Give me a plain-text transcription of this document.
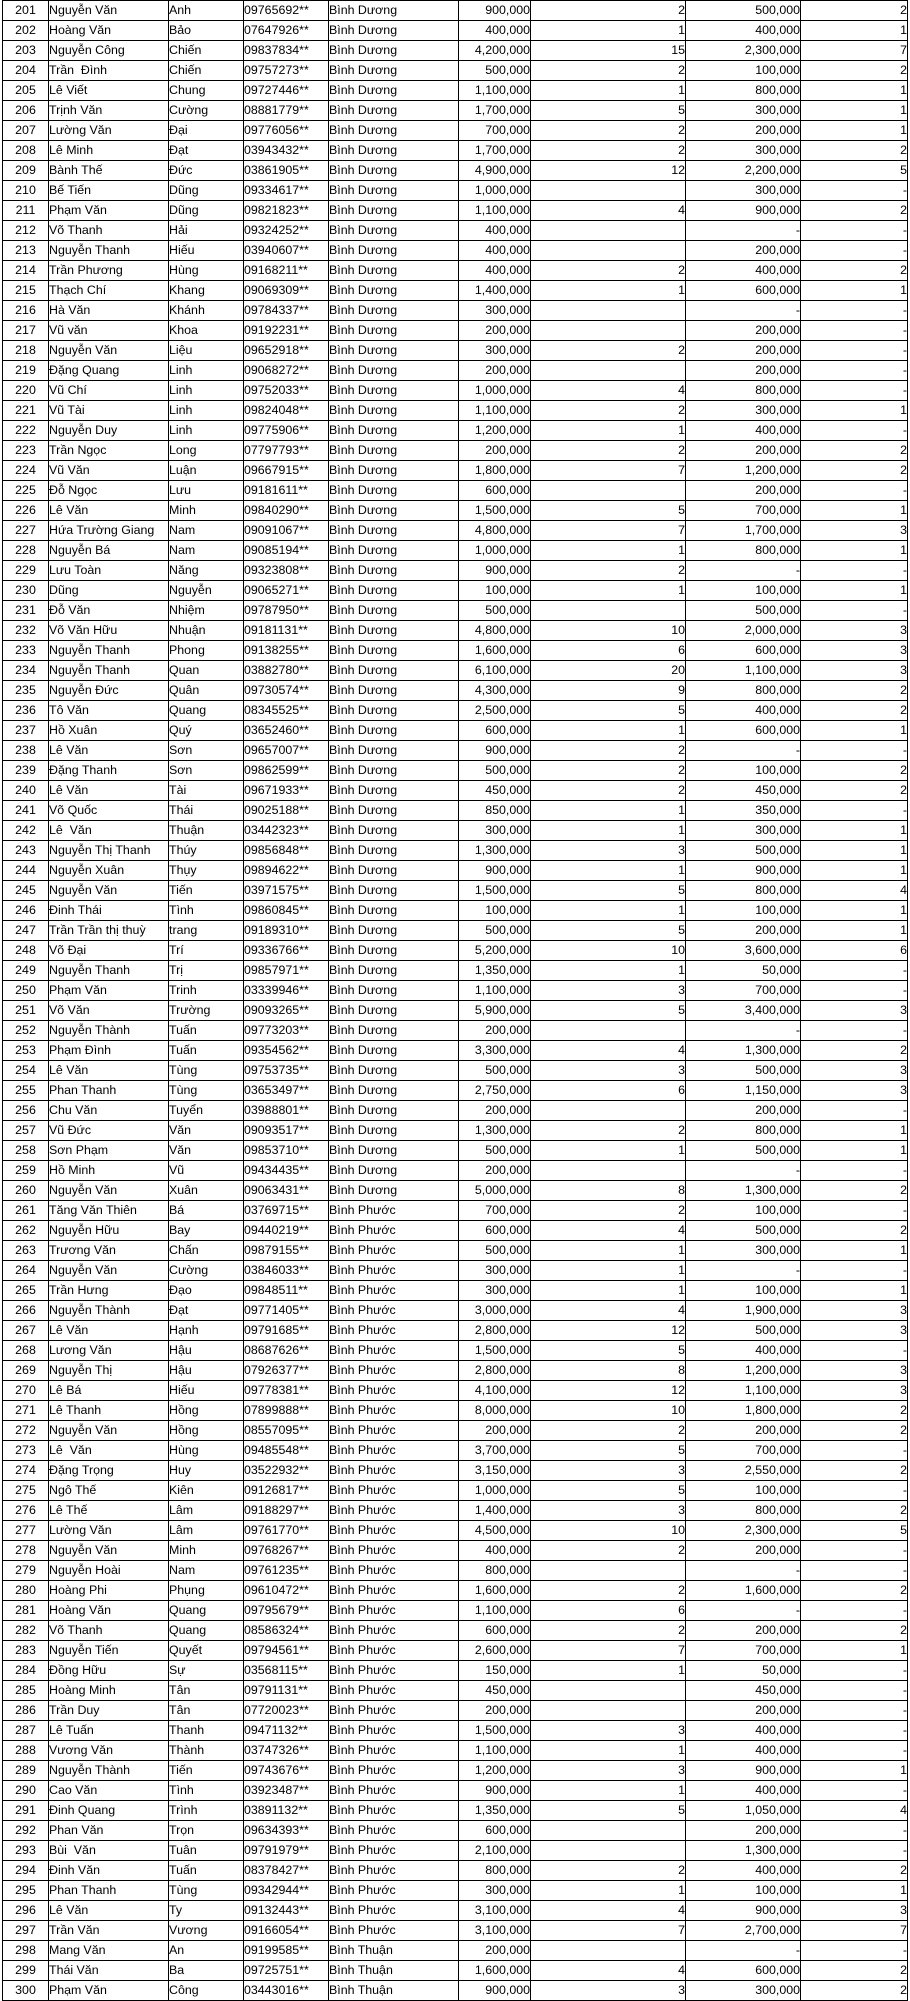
201	Nguyễn Văn	Anh	09765692**	Bình Dương	900,000	2	500,000	2
202	Hoàng Văn	Bảo	07647926**	Bình Dương	400,000	1	400,000	1
203	Nguyễn Công	Chiến	09837834**	Bình Dương	4,200,000	15	2,300,000	7
204	Trần  Đình	Chiến	09757273**	Bình Dương	500,000	2	100,000	2
205	Lê Viết	Chung	09727446**	Bình Dương	1,100,000	1	800,000	1
206	Trịnh Văn	Cường	08881779**	Bình Dương	1,700,000	5	300,000	1
207	Lường Văn	Đại	09776056**	Bình Dương	700,000	2	200,000	1
208	Lê Minh	Đạt	03943432**	Bình Dương	1,700,000	2	300,000	2
209	Bành Thế	Đức	03861905**	Bình Dương	4,900,000	12	2,200,000	5
210	Bế Tiến	Dũng	09334617**	Bình Dương	1,000,000		300,000	-
211	Phạm Văn	Dũng	09821823**	Bình Dương	1,100,000	4	900,000	2
212	Võ Thanh	Hải	09324252**	Bình Dương	400,000		-	-
213	Nguyễn Thanh	Hiếu	03940607**	Bình Dương	400,000		200,000	-
214	Trần Phương	Hùng	09168211**	Bình Dương	400,000	2	400,000	2
215	Thạch Chí	Khang	09069309**	Bình Dương	1,400,000	1	600,000	1
216	Hà Văn	Khánh	09784337**	Bình Dương	300,000		-	-
217	Vũ văn	Khoa	09192231**	Bình Dương	200,000		200,000	-
218	Nguyễn Văn	Liệu	09652918**	Bình Dương	300,000	2	200,000	-
219	Đặng Quang	Linh	09068272**	Bình Dương	200,000		200,000	-
220	Vũ Chí	Linh	09752033**	Bình Dương	1,000,000	4	800,000	-
221	Vũ Tài	Linh	09824048**	Bình Dương	1,100,000	2	300,000	1
222	Nguyễn Duy	Linh	09775906**	Bình Dương	1,200,000	1	400,000	-
223	Trần Ngọc	Long	07797793**	Bình Dương	200,000	2	200,000	2
224	Vũ Văn	Luận	09667915**	Bình Dương	1,800,000	7	1,200,000	2
225	Đỗ Ngọc	Lưu	09181611**	Bình Dương	600,000		200,000	-
226	Lê Văn	Minh	09840290**	Bình Dương	1,500,000	5	700,000	1
227	Hứa Trường Giang	Nam	09091067**	Bình Dương	4,800,000	7	1,700,000	3
228	Nguyễn Bá	Nam	09085194**	Bình Dương	1,000,000	1	800,000	1
229	Lưu Toàn	Năng	09323808**	Bình Dương	900,000	2	-	-
230	Dũng	Nguyễn	09065271**	Bình Dương	100,000	1	100,000	1
231	Đỗ Văn	Nhiệm	09787950**	Bình Dương	500,000		500,000	-
232	Võ Văn Hữu	Nhuận	09181131**	Bình Dương	4,800,000	10	2,000,000	3
233	Nguyễn Thanh	Phong	09138255**	Bình Dương	1,600,000	6	600,000	3
234	Nguyễn Thanh	Quan	03882780**	Bình Dương	6,100,000	20	1,100,000	3
235	Nguyễn Đức	Quân	09730574**	Bình Dương	4,300,000	9	800,000	2
236	Tô Văn	Quang	08345525**	Bình Dương	2,500,000	5	400,000	2
237	Hồ Xuân	Quý	03652460**	Bình Dương	600,000	1	600,000	1
238	Lê Văn	Sơn	09657007**	Bình Dương	900,000	2	-	-
239	Đặng Thanh	Sơn	09862599**	Bình Dương	500,000	2	100,000	2
240	Lê Văn	Tài	09671933**	Bình Dương	450,000	2	450,000	2
241	Võ Quốc	Thái	09025188**	Bình Dương	850,000	1	350,000	-
242	Lê  Văn	Thuận	03442323**	Bình Dương	300,000	1	300,000	1
243	Nguyễn Thị Thanh	Thúy	09856848**	Bình Dương	1,300,000	3	500,000	1
244	Nguyễn Xuân	Thụy	09894622**	Bình Dương	900,000	1	900,000	1
245	Nguyễn Văn	Tiến	03971575**	Bình Dương	1,500,000	5	800,000	4
246	Đinh Thái	Tình	09860845**	Bình Dương	100,000	1	100,000	1
247	Trần Trần thị thuỳ	trang	09189310**	Bình Dương	500,000	5	200,000	1
248	Võ Đại	Trí	09336766**	Bình Dương	5,200,000	10	3,600,000	6
249	Nguyễn Thanh	Trị	09857971**	Bình Dương	1,350,000	1	50,000	-
250	Phạm Văn	Trinh	03339946**	Bình Dương	1,100,000	3	700,000	-
251	Võ Văn	Trường	09093265**	Bình Dương	5,900,000	5	3,400,000	3
252	Nguyễn Thành	Tuấn	09773203**	Bình Dương	200,000		-	-
253	Phạm Đình	Tuấn	09354562**	Bình Dương	3,300,000	4	1,300,000	2
254	Lê Văn	Tùng	09753735**	Bình Dương	500,000	3	500,000	3
255	Phan Thanh	Tùng	03653497**	Bình Dương	2,750,000	6	1,150,000	3
256	Chu Văn	Tuyển	03988801**	Bình Dương	200,000		200,000	-
257	Vũ Đức	Văn	09093517**	Bình Dương	1,300,000	2	800,000	1
258	Sơn Phạm	Văn	09853710**	Bình Dương	500,000	1	500,000	1
259	Hồ Minh	Vũ	09434435**	Bình Dương	200,000		-	-
260	Nguyễn Văn	Xuân	09063431**	Bình Dương	5,000,000	8	1,300,000	2
261	Tăng Văn Thiên	Bá	03769715**	Bình Phước	700,000	2	100,000	-
262	Nguyễn Hữu	Bay	09440219**	Bình Phước	600,000	4	500,000	2
263	Trương Văn	Chấn	09879155**	Bình Phước	500,000	1	300,000	1
264	Nguyễn Văn	Cường	03846033**	Bình Phước	300,000	1	-	-
265	Trần Hưng	Đạo	09848511**	Bình Phước	300,000	1	100,000	1
266	Nguyễn Thành	Đạt	09771405**	Bình Phước	3,000,000	4	1,900,000	3
267	Lê Văn	Hạnh	09791685**	Bình Phước	2,800,000	12	500,000	3
268	Lương Văn	Hậu	08687626**	Bình Phước	1,500,000	5	400,000	-
269	Nguyễn Thị	Hậu	07926377**	Bình Phước	2,800,000	8	1,200,000	3
270	Lê Bá	Hiếu	09778381**	Bình Phước	4,100,000	12	1,100,000	3
271	Lê Thanh	Hồng	07899888**	Bình Phước	8,000,000	10	1,800,000	2
272	Nguyễn Văn	Hồng	08557095**	Bình Phước	200,000	2	200,000	2
273	Lê  Văn	Hùng	09485548**	Bình Phước	3,700,000	5	700,000	-
274	Đặng Trọng	Huy	03522932**	Bình Phước	3,150,000	3	2,550,000	2
275	Ngô Thế	Kiên	09126817**	Bình Phước	1,000,000	5	100,000	-
276	Lê Thế	Lâm	09188297**	Bình Phước	1,400,000	3	800,000	2
277	Lường Văn	Lâm	09761770**	Bình Phước	4,500,000	10	2,300,000	5
278	Nguyễn Văn	Minh	09768267**	Bình Phước	400,000	2	200,000	-
279	Nguyễn Hoài	Nam	09761235**	Bình Phước	800,000		-	-
280	Hoàng Phi	Phụng	09610472**	Bình Phước	1,600,000	2	1,600,000	2
281	Hoàng Văn	Quang	09795679**	Bình Phước	1,100,000	6	-	-
282	Võ Thanh	Quang	08586324**	Bình Phước	600,000	2	200,000	2
283	Nguyễn Tiến	Quyết	09794561**	Bình Phước	2,600,000	7	700,000	1
284	Đồng Hữu	Sự	03568115**	Bình Phước	150,000	1	50,000	-
285	Hoàng Minh	Tân	09791131**	Bình Phước	450,000		450,000	-
286	Trần Duy	Tân	07720023**	Bình Phước	200,000		200,000	-
287	Lê Tuấn	Thanh	09471132**	Bình Phước	1,500,000	3	400,000	-
288	Vương Văn	Thành	03747326**	Bình Phước	1,100,000	1	400,000	-
289	Nguyễn Thành	Tiến	09743676**	Bình Phước	1,200,000	3	900,000	1
290	Cao Văn	Tình	03923487**	Bình Phước	900,000	1	400,000	-
291	Đinh Quang	Trình	03891132**	Bình Phước	1,350,000	5	1,050,000	4
292	Phan Văn	Trọn	09634393**	Bình Phước	600,000		200,000	-
293	Bùi  Văn	Tuân	09791979**	Bình Phước	2,100,000		1,300,000	-
294	Đinh Văn	Tuấn	08378427**	Bình Phước	800,000	2	400,000	2
295	Phan Thanh	Tùng	09342944**	Bình Phước	300,000	1	100,000	1
296	Lê Văn	Ty	09132443**	Bình Phước	3,100,000	4	900,000	3
297	Trần Văn	Vương	09166054**	Bình Phước	3,100,000	7	2,700,000	7
298	Mang Văn	An	09199585**	Bình Thuận	200,000		-	-
299	Thái Văn	Ba	09725751**	Bình Thuận	1,600,000	4	600,000	2
300	Phạm Văn	Công	03443016**	Bình Thuận	900,000	3	300,000	2
